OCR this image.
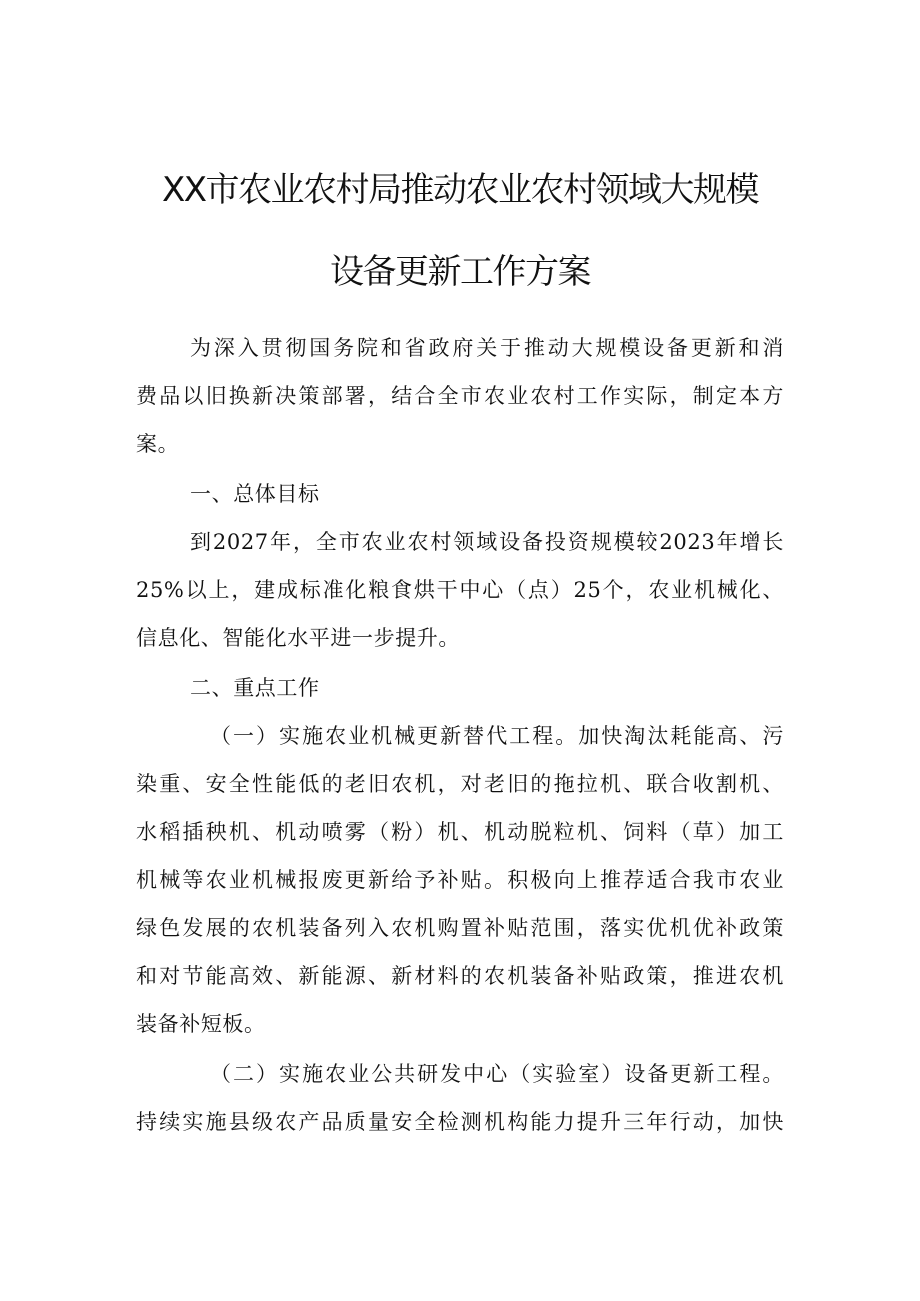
XX市农业农村局推动农业农村领域大规模
设备更新工作方案
为深入贯彻国务院和省政府关于推动大规模设备更新和消
费品以旧换新决策部署，结合全市农业农村工作实际，制定本方
案。
一、总体目标
到2027年，全市农业农村领域设备投资规模较2023年增长
25%以上，建成标准化粮食烘干中心（点）25个，农业机械化、
信息化、智能化水平进一步提升。
二、重点工作
（一）实施农业机械更新替代工程。加快淘汰耗能高、污
染重、安全性能低的老旧农机，对老旧的拖拉机、联合收割机、
水稻插秧机、机动喷雾（粉）机、机动脱粒机、饲料（草）加工
机械等农业机械报废更新给予补贴。积极向上推荐适合我市农业
绿色发展的农机装备列入农机购置补贴范围，落实优机优补政策
和对节能高效、新能源、新材料的农机装备补贴政策，推进农机
装备补短板。
（二）实施农业公共研发中心（实验室）设备更新工程。
持续实施县级农产品质量安全检测机构能力提升三年行动，加快
